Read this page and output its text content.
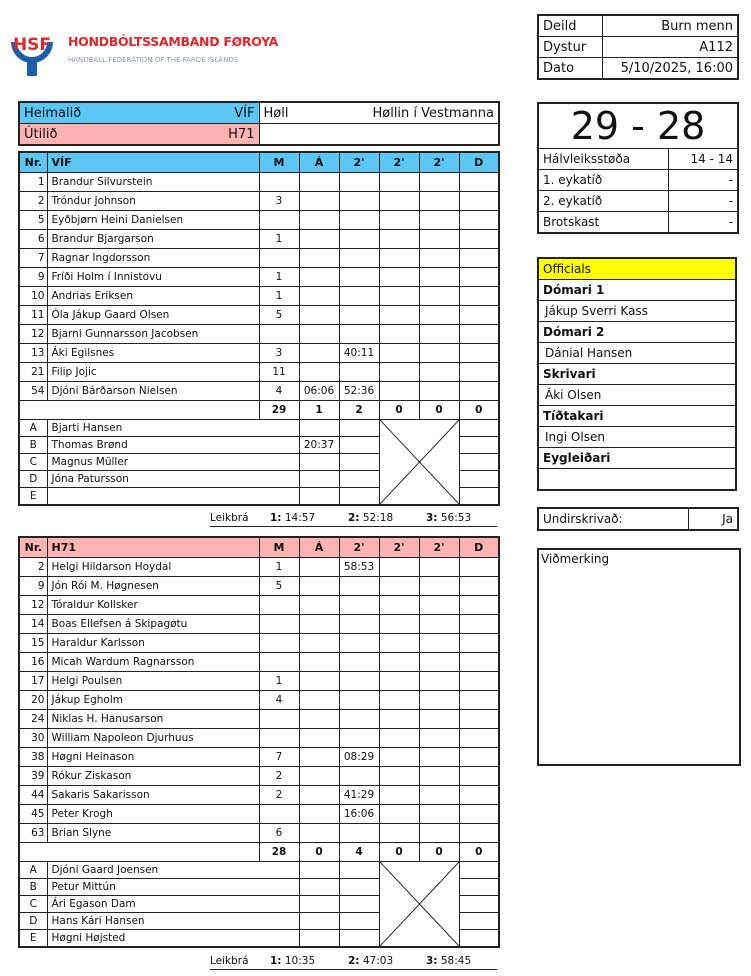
HSF HONDBÓLTSSAMBAND FØROYA
HANDBALL FEDERATION OF THE FAROE ISLANDS
Deild	Burn menn
Dystur	A112
Dato	5/10/2025, 16:00
Heimalið VÍF	Høll Høllin í Vestmanna

Útilið H71	

Nr.	VÍF	M	Á	2'	2'	2'	D
1	Brandur Silvurstein						
2	Tróndur Johnson	3					
5	Eyðbjørn Heini Danielsen						
6	Brandur Bjargarson	1					
7	Ragnar Ingdorsson						
9	Fríði Holm í Innistovu	1					
10	Andrias Eriksen	1					
11	Óla Jákup Gaard Olsen	5					
12	Bjarni Gunnarsson Jacobsen						
13	Áki Egilsnes	3		40:11			
21	Filip Jojic	11					
54	Djóni Bárðarson Nielsen	4	06:06	52:36			
		29	1	2	0	0	0
A	Bjarti Hansen			

B	Thomas Brønd		20:37				
C	Magnus Müller						
D	Jóna Patursson						
E							
Leikbrá 1: 14:57	2: 52:18	3: 56:53
Nr.	H71	M	Á	2'	2'	2'	D
2	Helgi Hildarson Hoydal	1		58:53			
9	Jón Rói M. Høgnesen	5					
12	Tóraldur Kollsker						
14	Boas Ellefsen á Skipagøtu						
15	Haraldur Karlsson						
16	Micah Wardum Ragnarsson						
17	Helgi Poulsen	1					
20	Jákup Egholm	4					
24	Niklas H. Hanusarson						
30	William Napoleon Djurhuus						
38	Høgni Heinason	7		08:29			
39	Rókur Ziskason	2					
44	Sakaris Sakarisson	2		41:29			
45	Peter Krogh			16:06			
63	Brian Slyne	6					
		28	0	4	0	0	0
A	Djóni Gaard Joensen			

B	Petur Mittún						
C	Ári Egason Dam						
D	Hans Kári Hansen						
E	Høgni Højsted						
Leikbrá 1: 10:35	2: 47:03	3: 58:45
29 - 28	
Hálvleiksstøða	14 - 14
1. eykatíð	-
2. eykatíð	-
Brotskast	-
Officials
Dómari 1
Jákup Sverri Kass
Dómari 2
Dánial Hansen
Skrivari
Áki Olsen
Tíðtakari
Ingi Olsen
Eygleiðari

Undirskrivað:	Ja
Viðmerking
